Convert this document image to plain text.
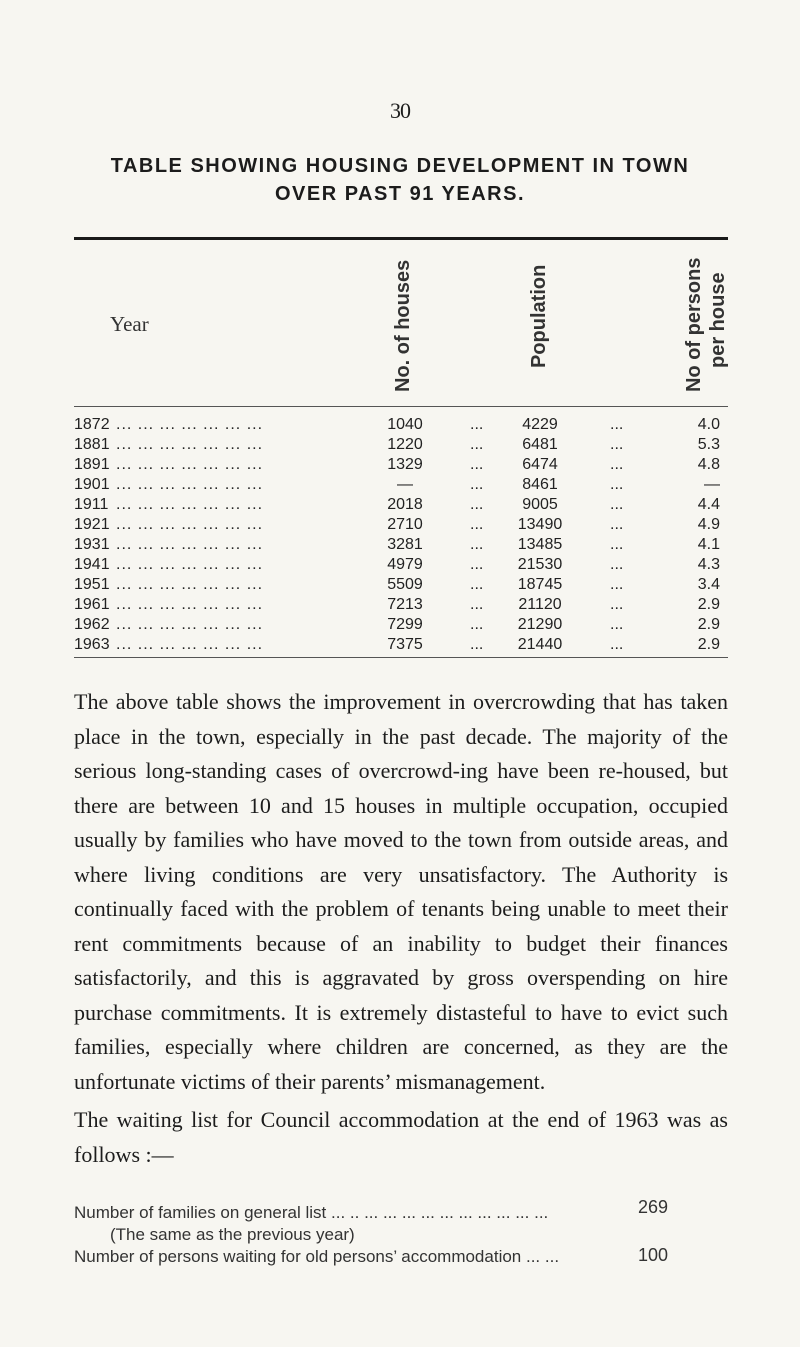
30
TABLE SHOWING HOUSING DEVELOPMENT IN TOWN
OVER PAST 91 YEARS.
Year	No. of houses	Population	No of persons per house
1872 ... ... ... ... ... ... ...	1040	...	4229	...	4.0
1881 ... ... ... ... ... ... ...	1220	...	6481	...	5.3
1891 ... ... ... ... ... ... ...	1329	...	6474	...	4.8
1901 ... ... ... ... ... ... ...	—	...	8461	...	—
1911 ... ... ... ... ... ... ...	2018	...	9005	...	4.4
1921 ... ... ... ... ... ... ...	2710	...	13490	...	4.9
1931 ... ... ... ... ... ... ...	3281	...	13485	...	4.1
1941 ... ... ... ... ... ... ...	4979	...	21530	...	4.3
1951 ... ... ... ... ... ... ...	5509	...	18745	...	3.4
1961 ... ... ... ... ... ... ...	7213	...	21120	...	2.9
1962 ... ... ... ... ... ... ...	7299	...	21290	...	2.9
1963 ... ... ... ... ... ... ...	7375	...	21440	...	2.9
The above table shows the improvement in overcrowding that has taken place in the town, especially in the past decade. The majority of the serious long-standing cases of overcrowd-ing have been re-housed, but there are between 10 and 15 houses in multiple occupation, occupied usually by families who have moved to the town from outside areas, and where living conditions are very unsatisfactory. The Authority is continually faced with the problem of tenants being unable to meet their rent commitments because of an inability to budget their finances satisfactorily, and this is aggravated by gross overspending on hire purchase commitments. It is extremely distasteful to have to evict such families, especially where children are concerned, as they are the unfortunate victims of their parents’ mismanagement.
The waiting list for Council accommodation at the end of 1963 was as follows :—
Number of families on general list ... .. ... ... ... ... ... ... ... ... ... ...	269
(The same as the previous year)
Number of persons waiting for old persons’ accommodation ... ...	100
